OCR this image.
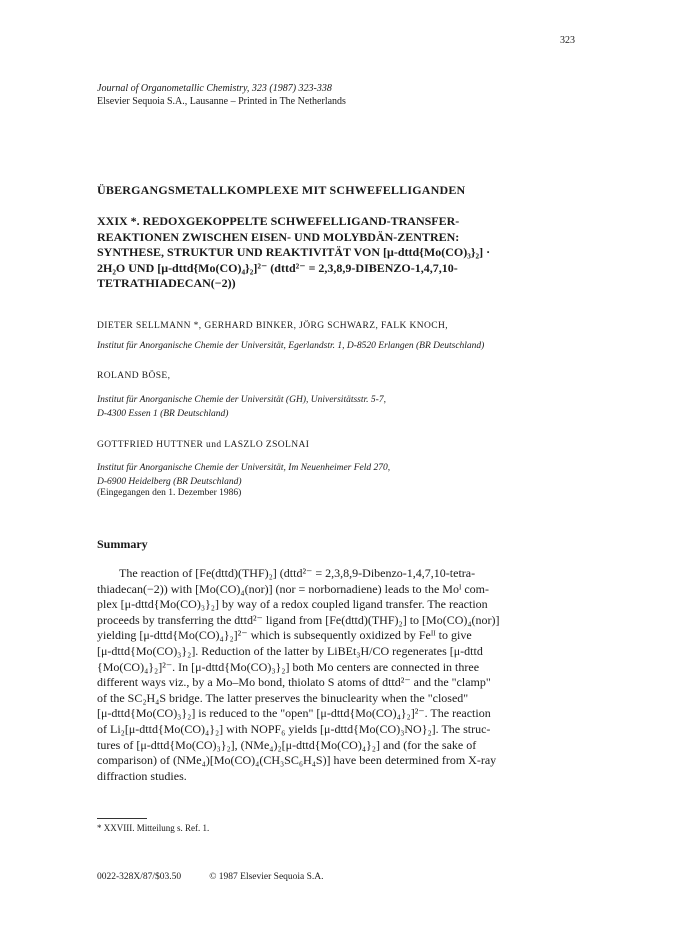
323
Journal of Organometallic Chemistry, 323 (1987) 323-338
Elsevier Sequoia S.A., Lausanne – Printed in The Netherlands
ÜBERGANGSMETALLKOMPLEXE MIT SCHWEFELLIGANDEN
XXIX *. REDOXGEKOPPELTE SCHWEFELLIGAND-TRANSFER-
REAKTIONEN ZWISCHEN EISEN- UND MOLYBDÄN-ZENTREN:
SYNTHESE, STRUKTUR UND REAKTIVITÄT VON [μ-dttd{Mo(CO)₃}₂] ·
2H₂O UND [μ-dttd{Mo(CO)₄}₂]²⁻ (dttd²⁻ = 2,3,8,9-DIBENZO-1,4,7,10-
TETRATHIADECAN(−2))
DIETER SELLMANN *, GERHARD BINKER, JÖRG SCHWARZ, FALK KNOCH,
Institut für Anorganische Chemie der Universität, Egerlandstr. 1, D-8520 Erlangen (BR Deutschland)
ROLAND BÖSE,
Institut für Anorganische Chemie der Universität (GH), Universitätsstr. 5-7,
D-4300 Essen 1 (BR Deutschland)
GOTTFRIED HUTTNER und LASZLO ZSOLNAI
Institut für Anorganische Chemie der Universität, Im Neuenheimer Feld 270,
D-6900 Heidelberg (BR Deutschland)
(Eingegangen den 1. Dezember 1986)
Summary
The reaction of [Fe(dttd)(THF)₂] (dttd²⁻ = 2,3,8,9-Dibenzo-1,4,7,10-tetra-
thiadecan(−2)) with [Mo(CO)₄(nor)] (nor = norbornadiene) leads to the Moᴵ com-
plex [μ-dttd{Mo(CO)₃}₂] by way of a redox coupled ligand transfer. The reaction
proceeds by transferring the dttd²⁻ ligand from [Fe(dttd)(THF)₂] to [Mo(CO)₄(nor)]
yielding [μ-dttd{Mo(CO)₄}₂]²⁻ which is subsequently oxidized by Feᴵᴵ to give
[μ-dttd{Mo(CO)₃}₂]. Reduction of the latter by LiBEt₃H/CO regenerates [μ-dttd
{Mo(CO)₄}₂]²⁻. In [μ-dttd{Mo(CO)₃}₂] both Mo centers are connected in three
different ways viz., by a Mo–Mo bond, thiolato S atoms of dttd²⁻ and the "clamp"
of the SC₂H₄S bridge. The latter preserves the binuclearity when the "closed"
[μ-dttd{Mo(CO)₃}₂] is reduced to the "open" [μ-dttd{Mo(CO)₄}₂]²⁻. The reaction
of Li₂[μ-dttd{Mo(CO)₄}₂] with NOPF₆ yields [μ-dttd{Mo(CO)₃NO}₂]. The struc-
tures of [μ-dttd{Mo(CO)₃}₂], (NMe₄)₂[μ-dttd{Mo(CO)₄}₂] and (for the sake of
comparison) of (NMe₄)[Mo(CO)₄(CH₃SC₆H₄S)] have been determined from X-ray
diffraction studies.
* XXVIII. Mitteilung s. Ref. 1.
0022-328X/87/$03.50	© 1987 Elsevier Sequoia S.A.
